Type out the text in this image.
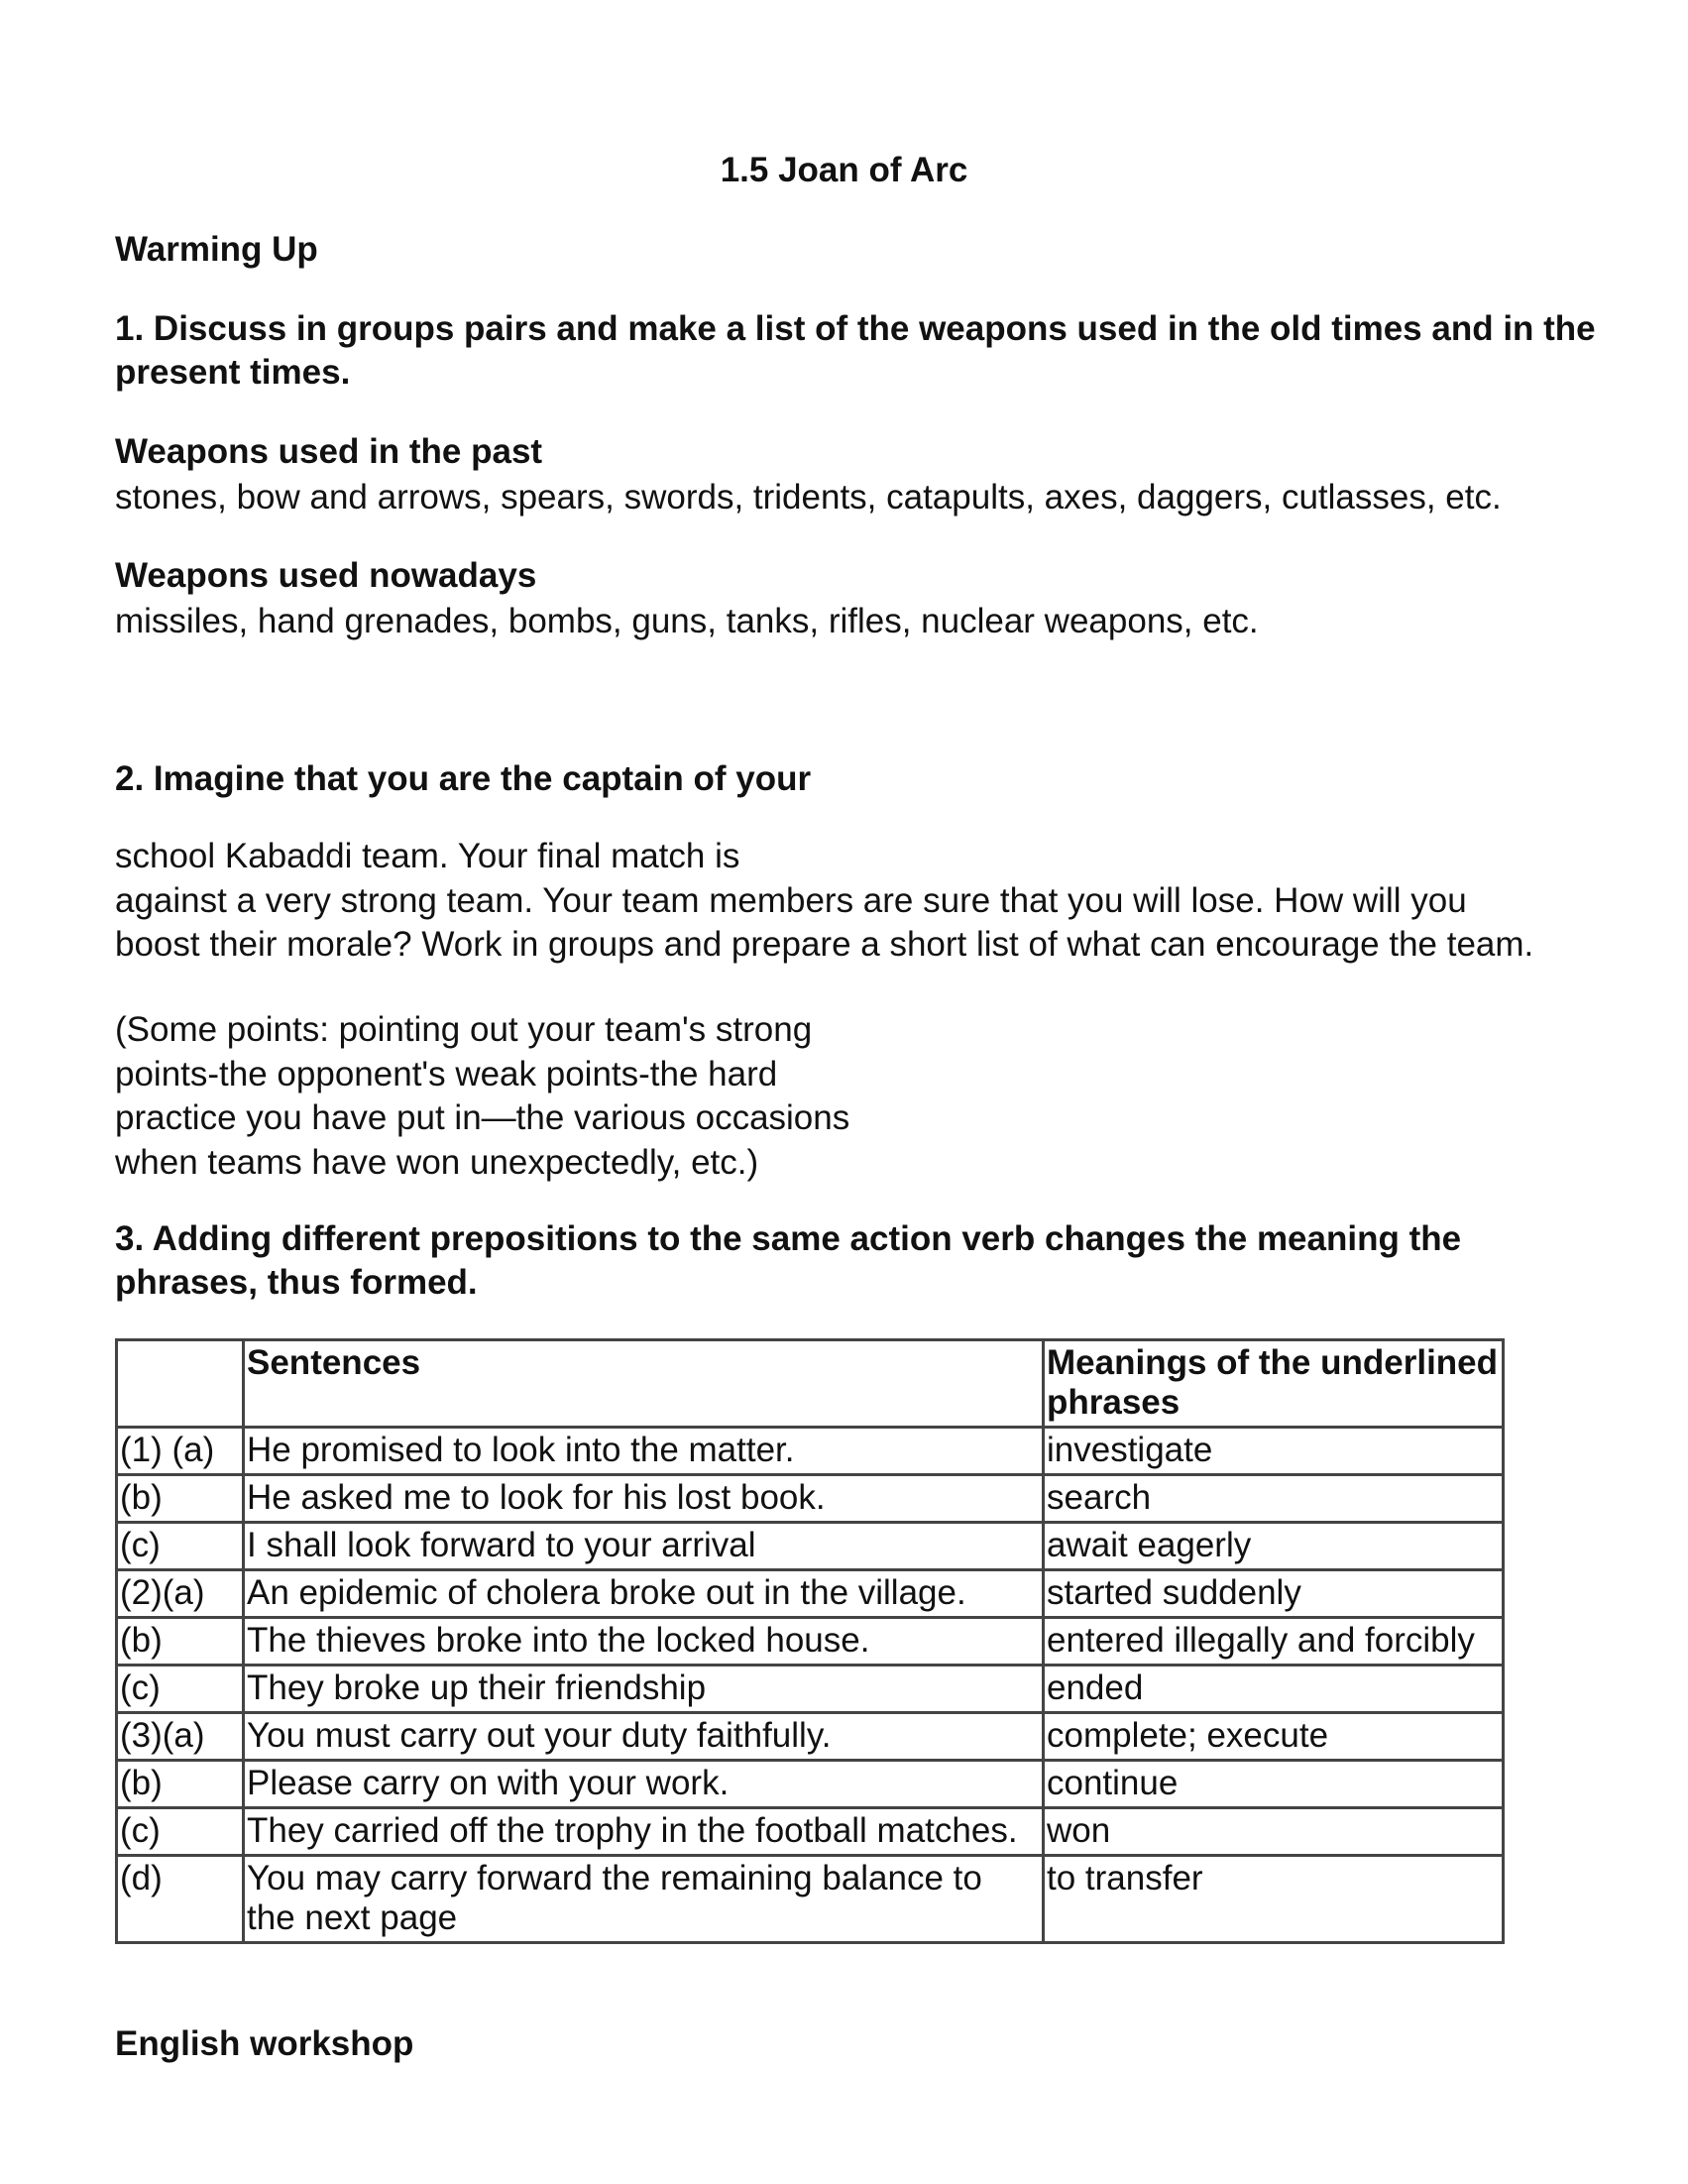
1.5 Joan of Arc

Warming Up

1. Discuss in groups pairs and make a list of the weapons used in the old times and in the present times.

Weapons used in the past

stones, bow and arrows, spears, swords, tridents, catapults, axes, daggers, cutlasses, etc.

Weapons used nowadays

missiles, hand grenades, bombs, guns, tanks, rifles, nuclear weapons, etc.

2. Imagine that you are the captain of your

school Kabaddi team. Your final match is
against a very strong team. Your team members are sure that you will lose. How will you
boost their morale? Work in groups and prepare a short list of what can encourage the team.
(Some points: pointing out your team's strong
points-the opponent's weak points-the hard
practice you have put in—the various occasions
when teams have won unexpectedly, etc.)

3. Adding different prepositions to the same action verb changes the meaning the phrases, thus formed.

	Sentences	Meanings of the underlined phrases
(1) (a)	He promised to look into the matter.	investigate
(b)	He asked me to look for his lost book.	search
(c)	I shall look forward to your arrival	await eagerly
(2)(a)	An epidemic of cholera broke out in the village.	started suddenly
(b)	The thieves broke into the locked house.	entered illegally and forcibly
(c)	They broke up their friendship	ended
(3)(a)	You must carry out your duty faithfully.	complete; execute
(b)	Please carry on with your work.	continue
(c)	They carried off the trophy in the football matches.	won
(d)	You may carry forward the remaining balance to the next page	to transfer

English workshop
